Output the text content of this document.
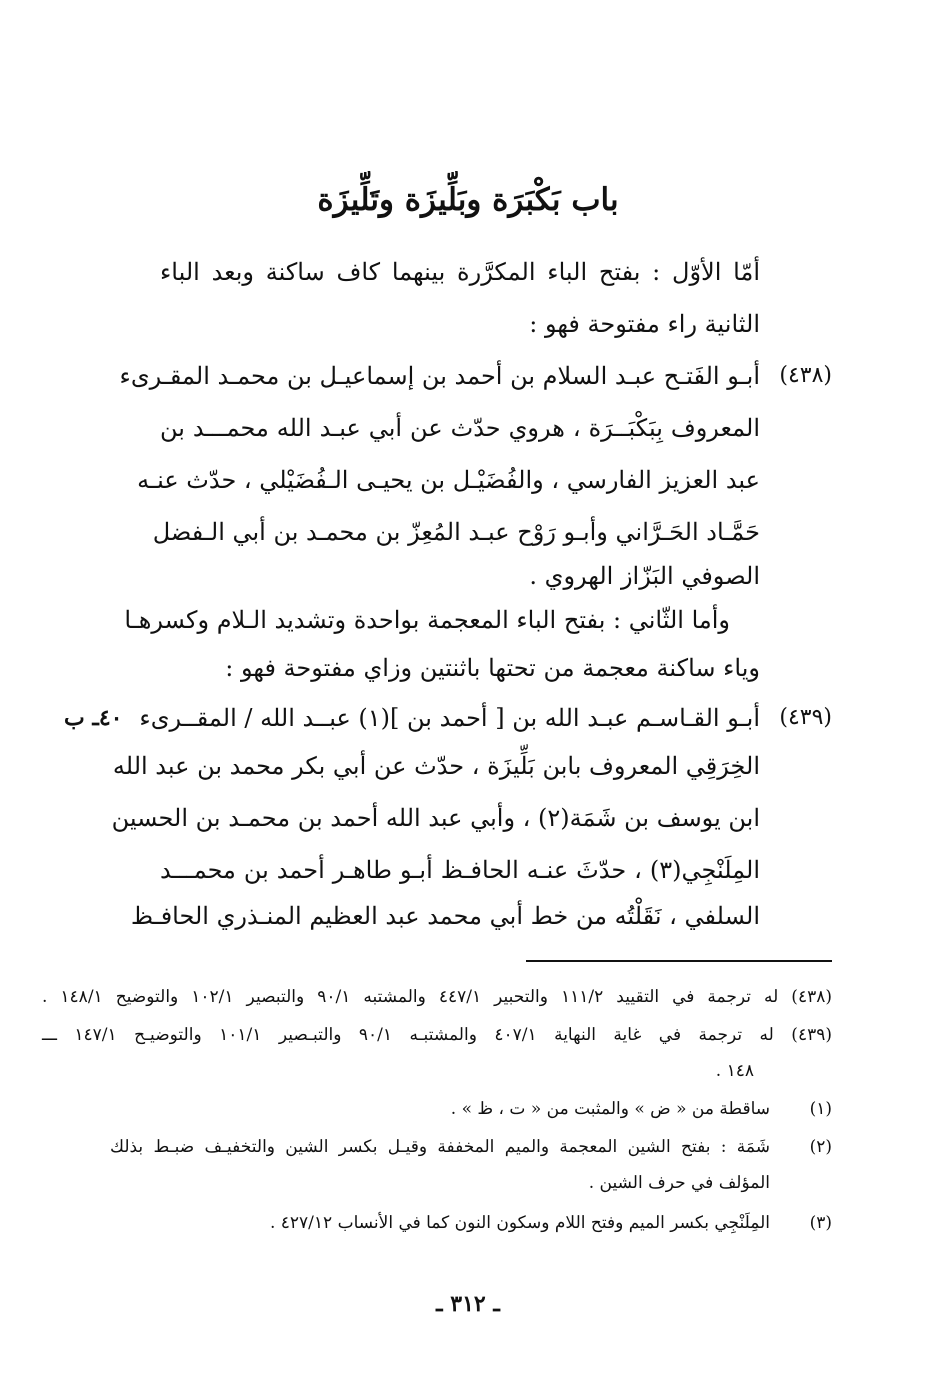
باب بَكْبَرَة وبَلِّيزَة وتَلِّيزَة
أمّا الأوّل : بفتح الباء المكرَّرة بينهما كاف ساكنة وبعد الباء
الثانية راء مفتوحة فهو :
(٤٣٨)
أبـو الفَتـح عبـد السلام بن أحمد بن إسماعيـل بن محمـد المقـرىء
المعروف بِبَكْبَــرَة ، هروي حدّث عن أبي عبـد الله محمـــد بن
عبد العزيز الفارسي ، والفُضَيْـل بن يحيـى الـفُضَيْلي ، حدّث عنـه
حَمَّـاد الحَـرَّاني وأبـو رَوْح عبـد المُعِزّ بن محمـد بن أبي الـفضل
الصوفي البَزّاز الهروي .
وأما الثّاني : بفتح الباء المعجمة بواحدة وتشديد الـلام وكسرهـا
وياء ساكنة معجمة من تحتها باثنتين وزاي مفتوحة فهو :
(٤٣٩)
٤٠ـ ب أبـو القـاسـم عبـد الله بن [ أحمد بن ](١) عبــد الله / المقــرىء
الخِرَقِي المعروف بابن بَلِّيزَة ، حدّث عن أبي بكر محمد بن عبد الله
ابن يوسف بن شَمَة(٢) ، وأبي عبد الله أحمد بن محمـد بن الحسين
المِلَنْجِي(٣) ، حدّثَ عنـه الحافـظ أبـو طاهـر أحمد بن محمـــد
السلفي ، نَقَلْتُه من خط أبي محمد عبد العظيم المنـذري الحافـظ
(٤٣٨) له ترجمة في التقييد ١١١/٢ والتحبير ٤٤٧/١ والمشتبه ٩٠/١ والتبصير ١٠٢/١ والتوضيح ١٤٨/١ .
(٤٣٩) له ترجمة في غاية النهاية ٤٠٧/١ والمشتبـه ٩٠/١ والتبـصير ١٠١/١ والتوضيـح ١٤٧/١ ـــ
١٤٨ .
(١)
ساقطة من « ض » والمثبت من « ت ، ظ » .
(٢)
شَمَة : بفتح الشين المعجمة والميم المخففة وقيـل بكسر الشين والتخفيـف ضبـط بذلك
المؤلف في حرف الشين .
(٣)
المِلَنْجِي بكسر الميم وفتح اللام وسكون النون كما في الأنساب ٤٢٧/١٢ .
ـ ٣١٢ ـ
